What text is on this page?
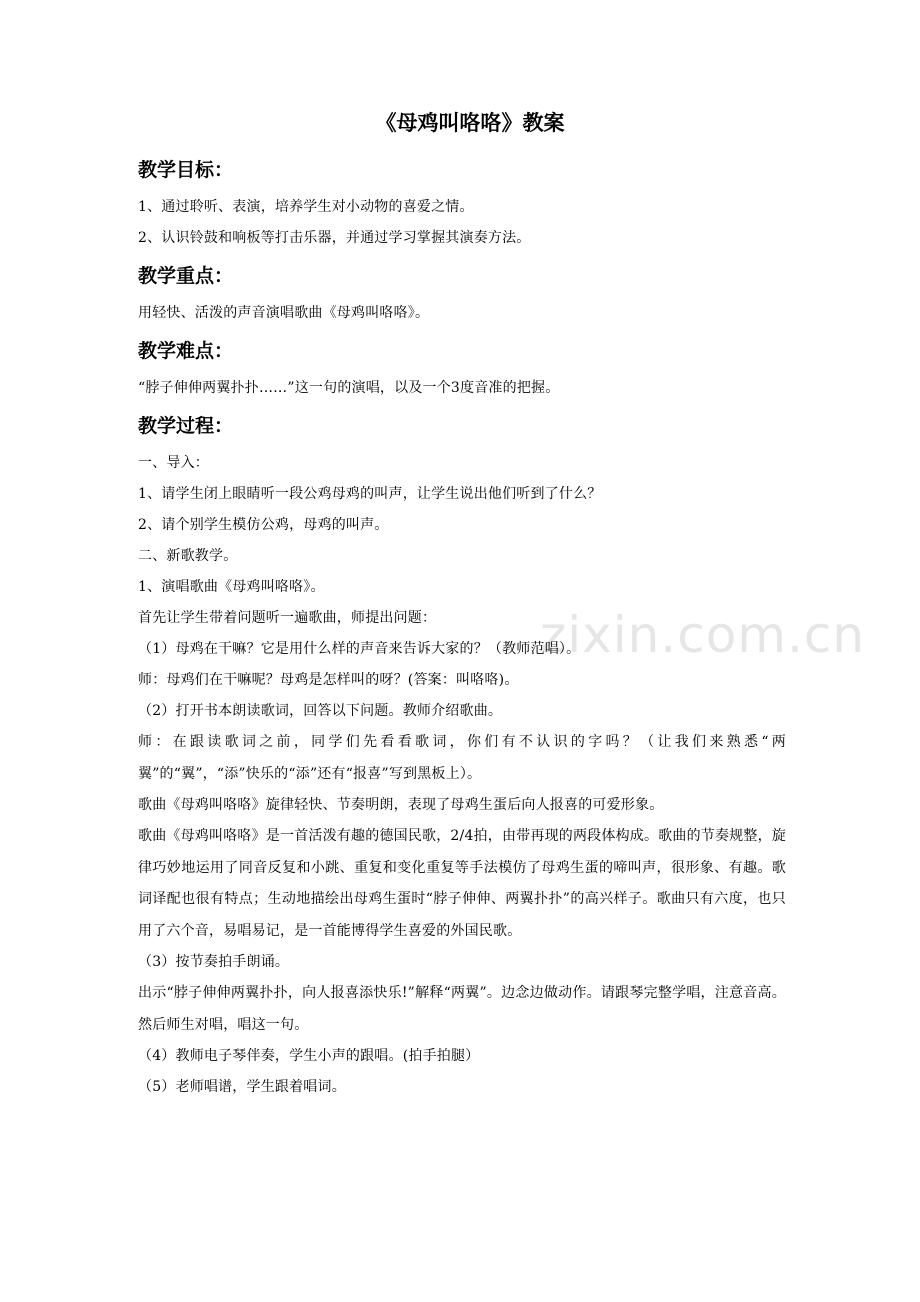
zixin.com.cn
《母鸡叫咯咯》教案
教学目标：

1、通过聆听、表演，培养学生对小动物的喜爱之情。

2、认识铃鼓和响板等打击乐器，并通过学习掌握其演奏方法。

教学重点：

用轻快、活泼的声音演唱歌曲《母鸡叫咯咯》。

教学难点：

“脖子伸伸两翼扑扑……”这一句的演唱，以及一个3度音准的把握。

教学过程：

一、导入：

1、请学生闭上眼睛听一段公鸡母鸡的叫声，让学生说出他们听到了什么？

2、请个别学生模仿公鸡，母鸡的叫声。

二、新歌教学。

1、演唱歌曲《母鸡叫咯咯》。

首先让学生带着问题听一遍歌曲，师提出问题：

（1）母鸡在干嘛？它是用什么样的声音来告诉大家的？（教师范唱）。

师：母鸡们在干嘛呢？母鸡是怎样叫的呀？(答案：叫咯咯)。

（2）打开书本朗读歌词，回答以下问题。教师介绍歌曲。

师：在跟读歌词之前，同学们先看看歌词，你们有不认识的字吗？（让我们来熟悉“两翼”的“翼”，“添”快乐的“添”还有“报喜”写到黑板上）。

歌曲《母鸡叫咯咯》旋律轻快、节奏明朗，表现了母鸡生蛋后向人报喜的可爱形象。

歌曲《母鸡叫咯咯》是一首活泼有趣的德国民歌，2/4拍，由带再现的两段体构成。歌曲的节奏规整，旋律巧妙地运用了同音反复和小跳、重复和变化重复等手法模仿了母鸡生蛋的啼叫声，很形象、有趣。歌词译配也很有特点；生动地描绘出母鸡生蛋时“脖子伸伸、两翼扑扑”的高兴样子。歌曲只有六度，也只用了六个音，易唱易记，是一首能博得学生喜爱的外国民歌。

（3）按节奏拍手朗诵。

出示“脖子伸伸两翼扑扑，向人报喜添快乐!”解释“两翼”。边念边做动作。请跟琴完整学唱，注意音高。然后师生对唱，唱这一句。

（4）教师电子琴伴奏，学生小声的跟唱。(拍手拍腿）

（5）老师唱谱，学生跟着唱词。
